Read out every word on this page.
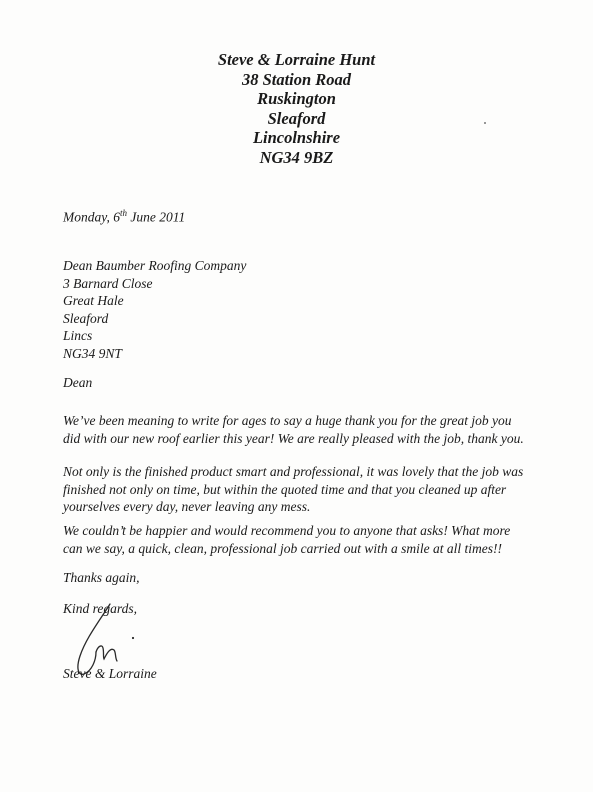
Steve & Lorraine Hunt
38 Station Road
Ruskington
Sleaford
Lincolnshire
NG34 9BZ
Monday, 6th June 2011
Dean Baumber Roofing Company
3 Barnard Close
Great Hale
Sleaford
Lincs
NG34 9NT
Dean
We’ve been meaning to write for ages to say a huge thank you for the great job you
did with our new roof earlier this year! We are really pleased with the job, thank you.
Not only is the finished product smart and professional, it was lovely that the job was
finished not only on time, but within the quoted time and that you cleaned up after
yourselves every day, never leaving any mess.
We couldn’t be happier and would recommend you to anyone that asks! What more
can we say, a quick, clean, professional job carried out with a smile at all times!!
Thanks again,
Kind regards,
Steve & Lorraine
